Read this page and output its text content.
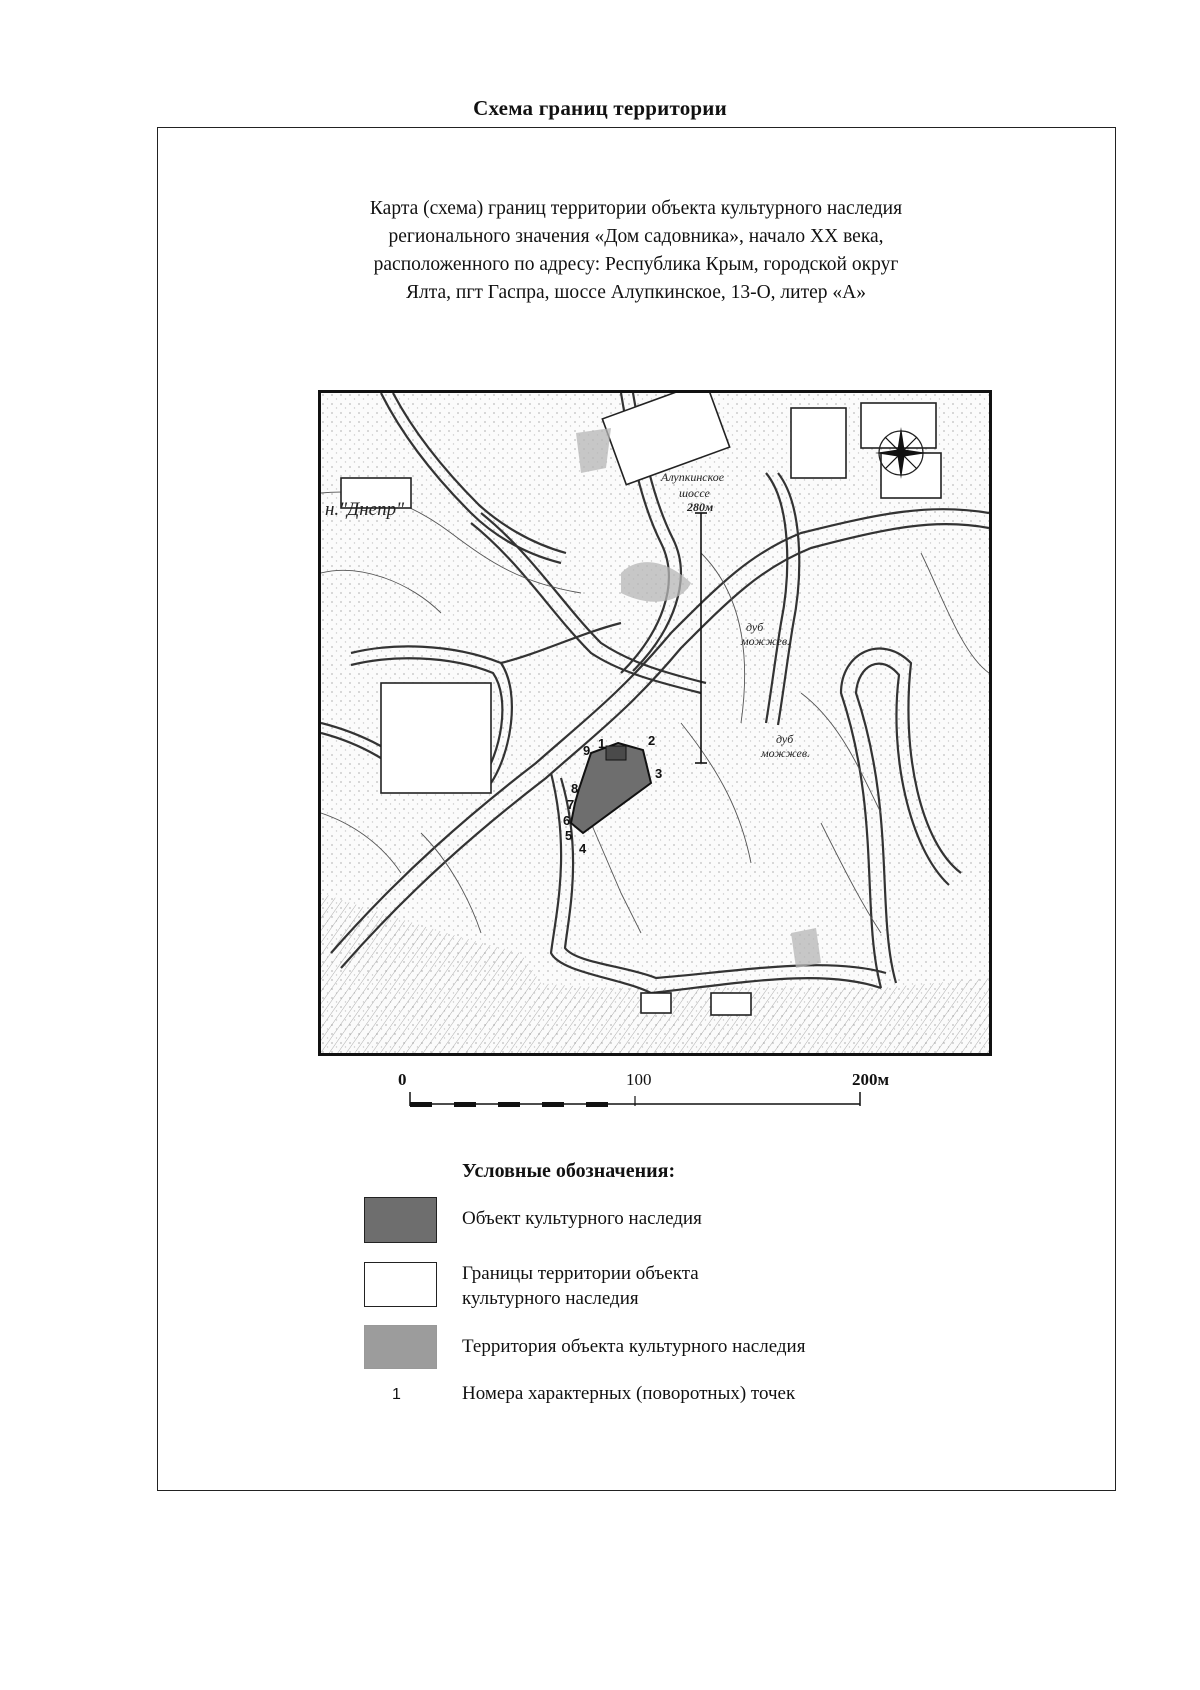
Схема границ территории
Карта (схема) границ территории объекта культурного наследия
регионального значения «Дом садовника», начало XX века,
расположенного по адресу: Республика Крым, городской округ
Ялта, пгт Гаспра, шоссе Алупкинское, 13-О, литер «А»
н."Днепр"
Алупкинское
шоссе
280м
дуб
можжев.
дуб
можжев.
1	2
3
4
5
6
7
8
9
0	100	200м
Условные обозначения:
Объект культурного наследия
Границы территории объекта
культурного наследия
Территория объекта культурного наследия
1	Номера характерных (поворотных) точек
